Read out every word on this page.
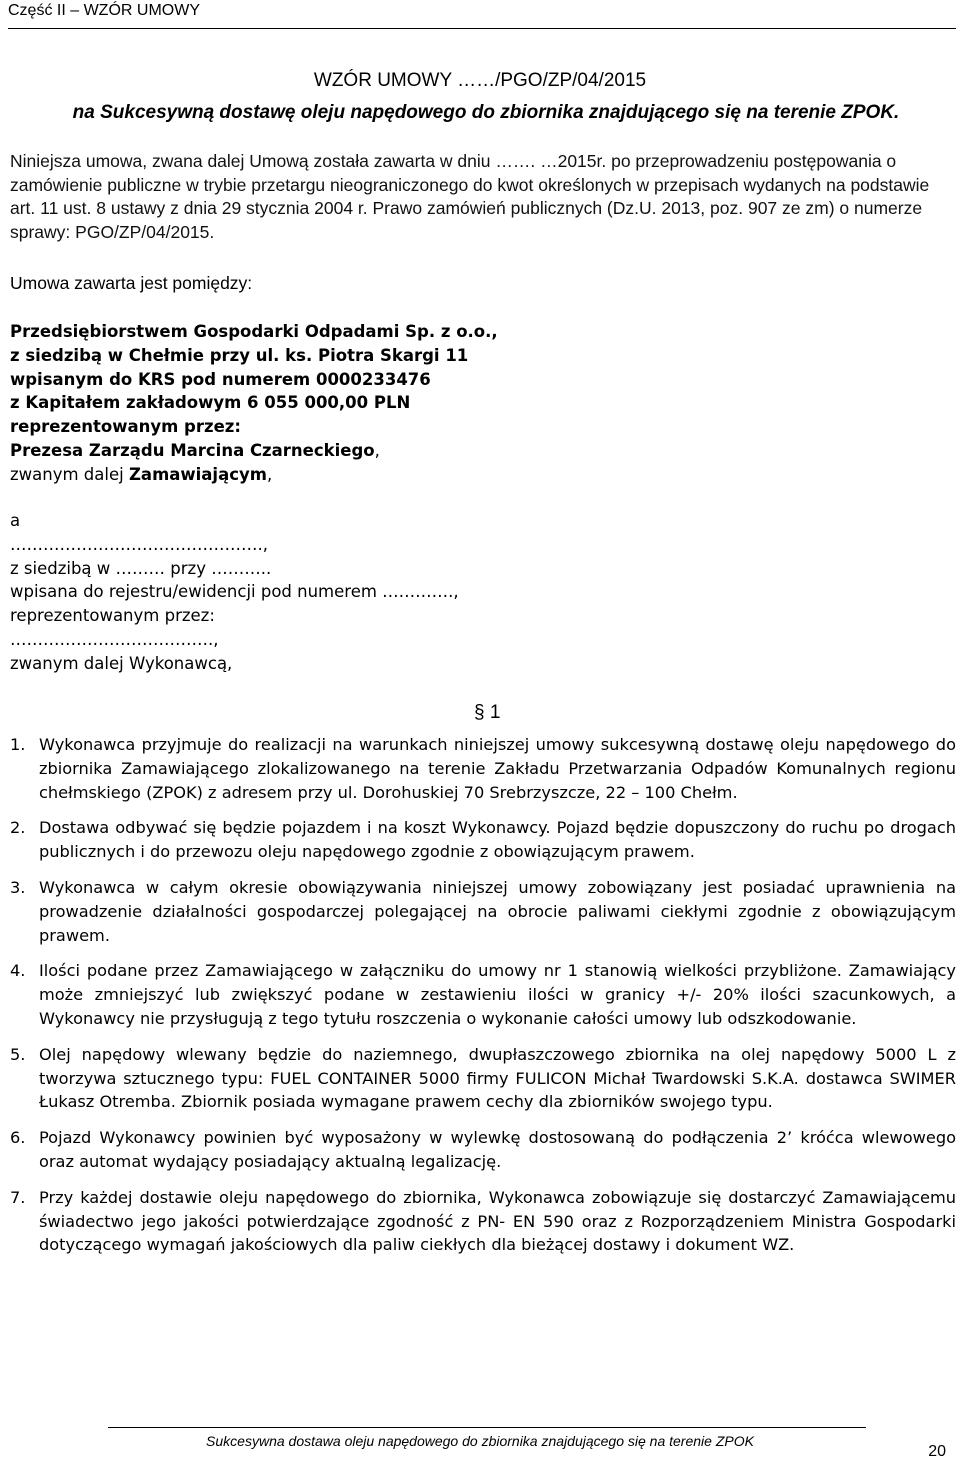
Część II – WZÓR UMOWY
WZÓR UMOWY ……/PGO/ZP/04/2015
na Sukcesywną dostawę oleju napędowego do zbiornika znajdującego się na terenie ZPOK.
Niniejsza umowa, zwana dalej Umową została zawarta w dniu ……. …2015r. po przeprowadzeniu postępowania o zamówienie publiczne w trybie przetargu nieograniczonego do kwot określonych w przepisach wydanych na podstawie art. 11 ust. 8 ustawy z dnia 29 stycznia 2004 r. Prawo zamówień publicznych (Dz.U. 2013, poz. 907 ze zm) o numerze sprawy: PGO/ZP/04/2015.
Umowa zawarta jest pomiędzy:
Przedsiębiorstwem Gospodarki Odpadami Sp. z o.o.,
z siedzibą w Chełmie przy ul. ks. Piotra Skargi 11
wpisanym do KRS pod numerem 0000233476
z Kapitałem zakładowym 6 055 000,00 PLN
reprezentowanym przez:
Prezesa Zarządu Marcina Czarneckiego,
zwanym dalej Zamawiającym,
a
……………………………………….,
z siedzibą w ……… przy ………..
wpisana do rejestru/ewidencji pod numerem ………….,
reprezentowanym przez:
……………………………….,
zwanym dalej Wykonawcą,
§ 1
1. Wykonawca przyjmuje do realizacji na warunkach niniejszej umowy sukcesywną dostawę oleju napędowego do zbiornika Zamawiającego zlokalizowanego na terenie Zakładu Przetwarzania Odpadów Komunalnych regionu chełmskiego (ZPOK) z adresem przy ul. Dorohuskiej 70 Srebrzyszcze, 22 – 100 Chełm.
2. Dostawa odbywać się będzie pojazdem i na koszt Wykonawcy. Pojazd będzie dopuszczony do ruchu po drogach publicznych i do przewozu oleju napędowego zgodnie z obowiązującym prawem.
3. Wykonawca w całym okresie obowiązywania niniejszej umowy zobowiązany jest posiadać uprawnienia na prowadzenie działalności gospodarczej polegającej na obrocie paliwami ciekłymi zgodnie z obowiązującym prawem.
4. Ilości podane przez Zamawiającego w załączniku do umowy nr 1 stanowią wielkości przybliżone. Zamawiający może zmniejszyć lub zwiększyć podane w zestawieniu ilości w granicy +/- 20% ilości szacunkowych, a Wykonawcy nie przysługują z tego tytułu roszczenia o wykonanie całości umowy lub odszkodowanie.
5. Olej napędowy wlewany będzie do naziemnego, dwupłaszczowego zbiornika na olej napędowy 5000 L z tworzywa sztucznego typu: FUEL CONTAINER 5000 firmy FULICON Michał Twardowski S.K.A. dostawca SWIMER Łukasz Otremba. Zbiornik posiada wymagane prawem cechy dla zbiorników swojego typu.
6. Pojazd Wykonawcy powinien być wyposażony w wylewkę dostosowaną do podłączenia 2’ króćca wlewowego oraz automat wydający posiadający aktualną legalizację.
7. Przy każdej dostawie oleju napędowego do zbiornika, Wykonawca zobowiązuje się dostarczyć Zamawiającemu świadectwo jego jakości potwierdzające zgodność z PN- EN 590 oraz z Rozporządzeniem Ministra Gospodarki dotyczącego wymagań jakościowych dla paliw ciekłych dla bieżącej dostawy i dokument WZ.
Sukcesywna dostawa oleju napędowego do zbiornika znajdującego się na terenie ZPOK
20
